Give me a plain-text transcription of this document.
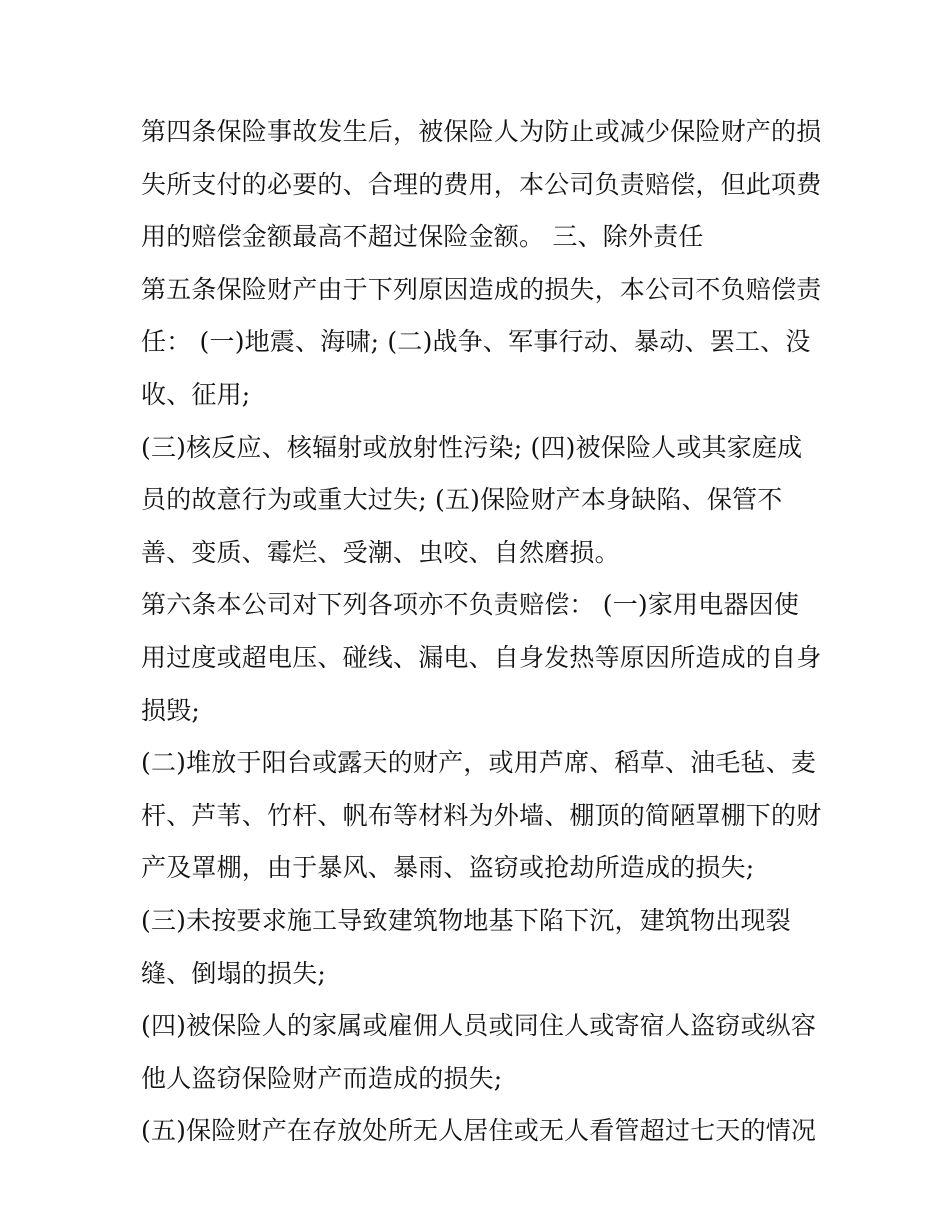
第四条保险事故发生后，被保险人为防止或减少保险财产的损
失所支付的必要的、合理的费用，本公司负责赔偿，但此项费
用的赔偿金额最高不超过保险金额。 三、除外责任
第五条保险财产由于下列原因造成的损失，本公司不负赔偿责
任： (一)地震、海啸; (二)战争、军事行动、暴动、罢工、没
收、征用;
(三)核反应、核辐射或放射性污染; (四)被保险人或其家庭成
员的故意行为或重大过失; (五)保险财产本身缺陷、保管不
善、变质、霉烂、受潮、虫咬、自然磨损。
第六条本公司对下列各项亦不负责赔偿： (一)家用电器因使
用过度或超电压、碰线、漏电、自身发热等原因所造成的自身
损毁;
(二)堆放于阳台或露天的财产，或用芦席、稻草、油毛毡、麦
杆、芦苇、竹杆、帆布等材料为外墙、棚顶的简陋罩棚下的财
产及罩棚，由于暴风、暴雨、盗窃或抢劫所造成的损失;
(三)未按要求施工导致建筑物地基下陷下沉，建筑物出现裂
缝、倒塌的损失;
(四)被保险人的家属或雇佣人员或同住人或寄宿人盗窃或纵容
他人盗窃保险财产而造成的损失;
(五)保险财产在存放处所无人居住或无人看管超过七天的情况
